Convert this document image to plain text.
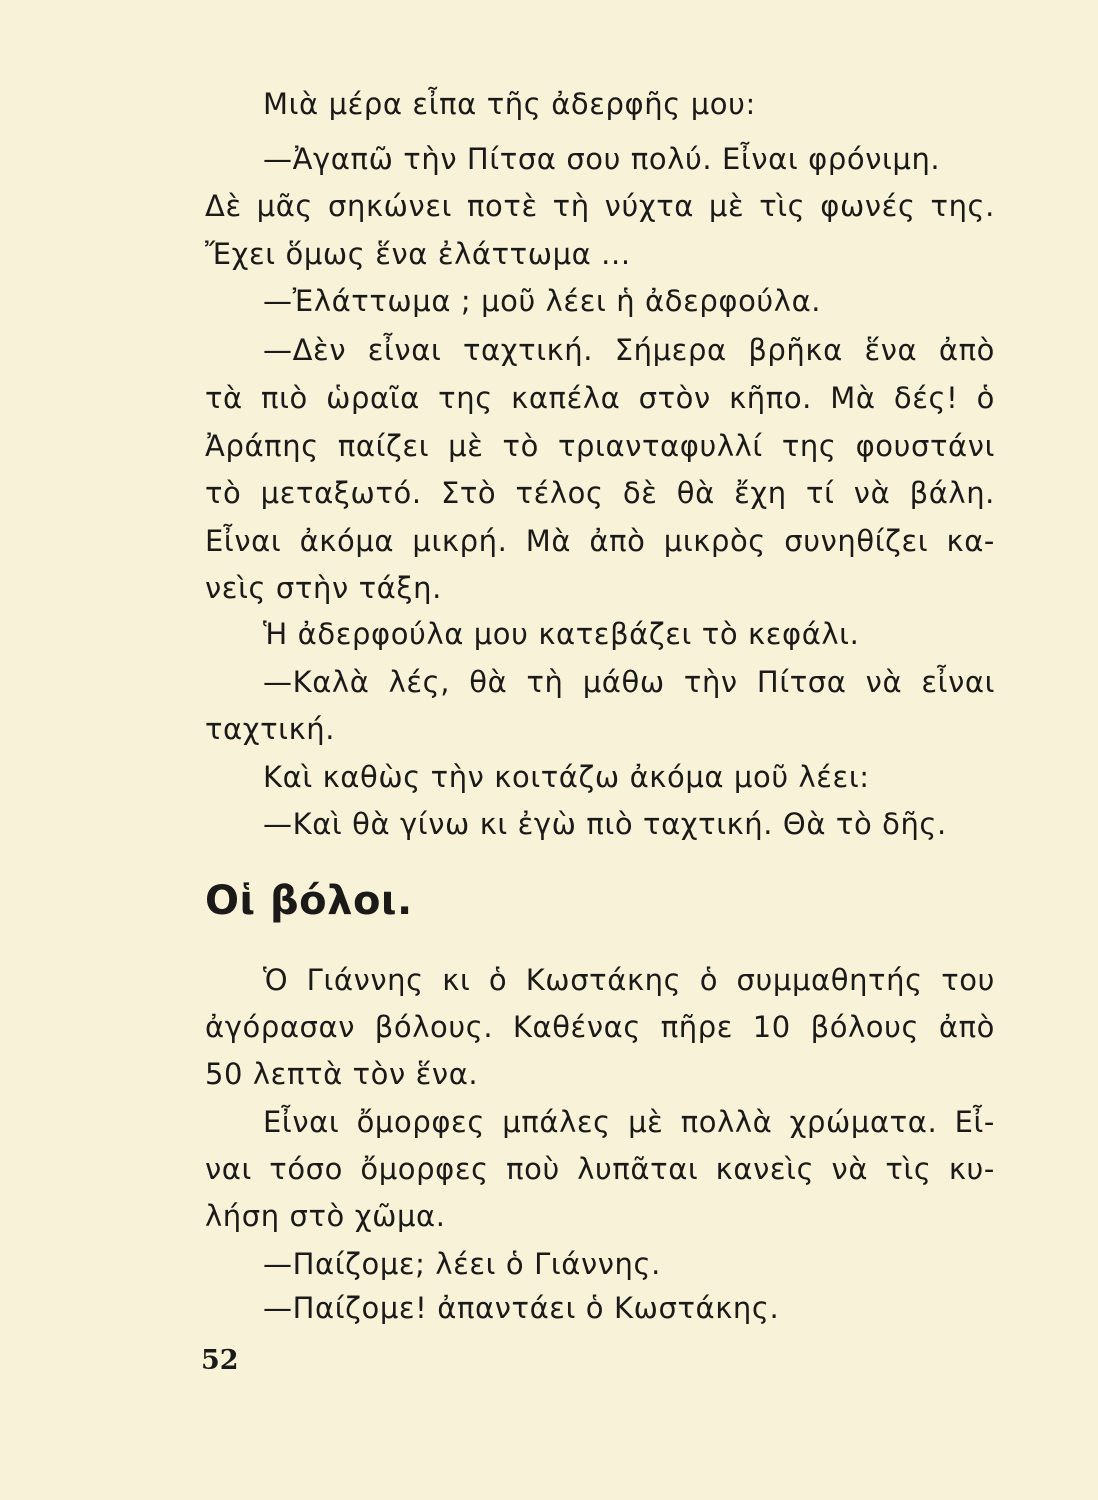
Μιὰ μέρα εἶπα τῆς ἀδερφῆς μου:
—Ἀγαπῶ τὴν Πίτσα σου πολύ. Εἶναι φρόνιμη.
Δὲ μᾶς σηκώνει ποτὲ τὴ νύχτα μὲ τὶς φωνές της.
Ἔχει ὅμως ἕνα ἐλάττωμα ...
—Ἐλάττωμα ; μοῦ λέει ἡ ἀδερφούλα.
—Δὲν εἶναι ταχτική. Σήμερα βρῆκα ἕνα ἀπὸ
τὰ πιὸ ὡραῖα της καπέλα στὸν κῆπο. Μὰ δές! ὁ
Ἀράπης παίζει μὲ τὸ τριανταφυλλί της φουστάνι
τὸ μεταξωτό. Στὸ τέλος δὲ θὰ ἔχη τί νὰ βάλη.
Εἶναι ἀκόμα μικρή. Μὰ ἀπὸ μικρὸς συνηθίζει κα-
νεὶς στὴν τάξη.
Ἡ ἀδερφούλα μου κατεβάζει τὸ κεφάλι.
—Καλὰ λές, θὰ τὴ μάθω τὴν Πίτσα νὰ εἶναι
ταχτική.
Καὶ καθὼς τὴν κοιτάζω ἀκόμα μοῦ λέει:
—Καὶ θὰ γίνω κι ἐγὼ πιὸ ταχτική. Θὰ τὸ δῆς.
Οἱ βόλοι.
Ὁ Γιάννης κι ὁ Κωστάκης ὁ συμμαθητής του
ἀγόρασαν βόλους. Καθένας πῆρε 10 βόλους ἀπὸ
50 λεπτὰ τὸν ἕνα.
Εἶναι ὄμορφες μπάλες μὲ πολλὰ χρώματα. Εἶ-
ναι τόσο ὄμορφες ποὺ λυπᾶται κανεὶς νὰ τὶς κυ-
λήση στὸ χῶμα.
—Παίζομε; λέει ὁ Γιάννης.
—Παίζομε! ἀπαντάει ὁ Κωστάκης.
52
